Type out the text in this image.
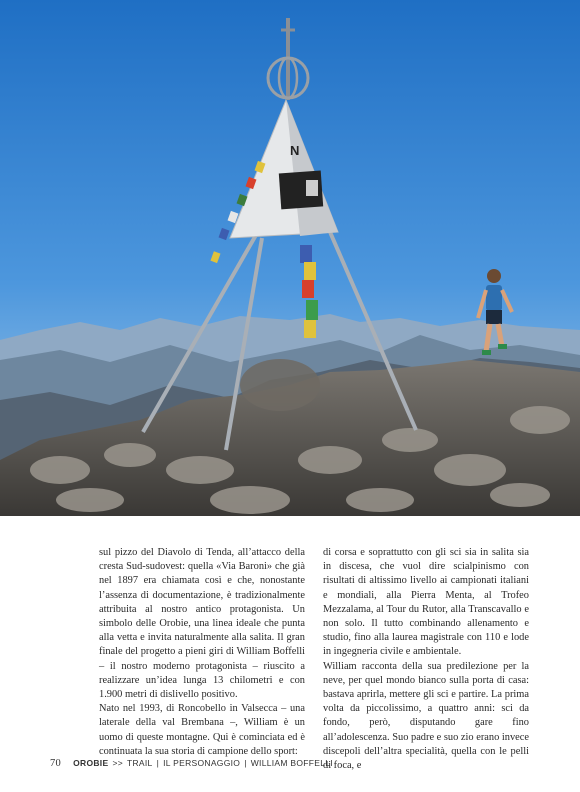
N

sul pizzo del Diavolo di Tenda, all’attacco della cresta Sud-sudovest: quella «Via Baroni» che già nel 1897 era chiamata così e che, nonostante l’assenza di documentazione, è tradizionalmente attribuita al nostro antico protagonista. Un simbolo delle Orobie, una linea ideale che punta alla vetta e invita naturalmente alla salita. Il gran finale del progetto a pieni giri di William Boffelli – il nostro moderno protagonista – riuscito a realizzare un’idea lunga 13 chilometri e con 1.900 metri di dislivello positivo.

Nato nel 1993, di Roncobello in Valsecca – una laterale della val Brembana –, William è un uomo di queste montagne. Qui è cominciata ed è continuata la sua storia di campione dello sport:

di corsa e soprattutto con gli sci sia in salita sia in discesa, che vuol dire scialpinismo con risultati di altissimo livello ai campionati italiani e mondiali, alla Pierra Menta, al Trofeo Mezzalama, al Tour du Rutor, alla Transcavallo e non solo. Il tutto combinando allenamento e studio, fino alla laurea magistrale con 110 e lode in ingegneria civile e ambientale.

William racconta della sua predilezione per la neve, per quel mondo bianco sulla porta di casa: bastava aprirla, mettere gli sci e partire. La prima volta da piccolissimo, a quattro anni: sci da fondo, però, disputando gare fino all’adolescenza. Suo padre e suo zio erano invece discepoli dell’altra specialità, quella con le pelli di foca, e

70 OROBIE >> TRAIL | IL PERSONAGGIO | WILLIAM BOFFELLI
